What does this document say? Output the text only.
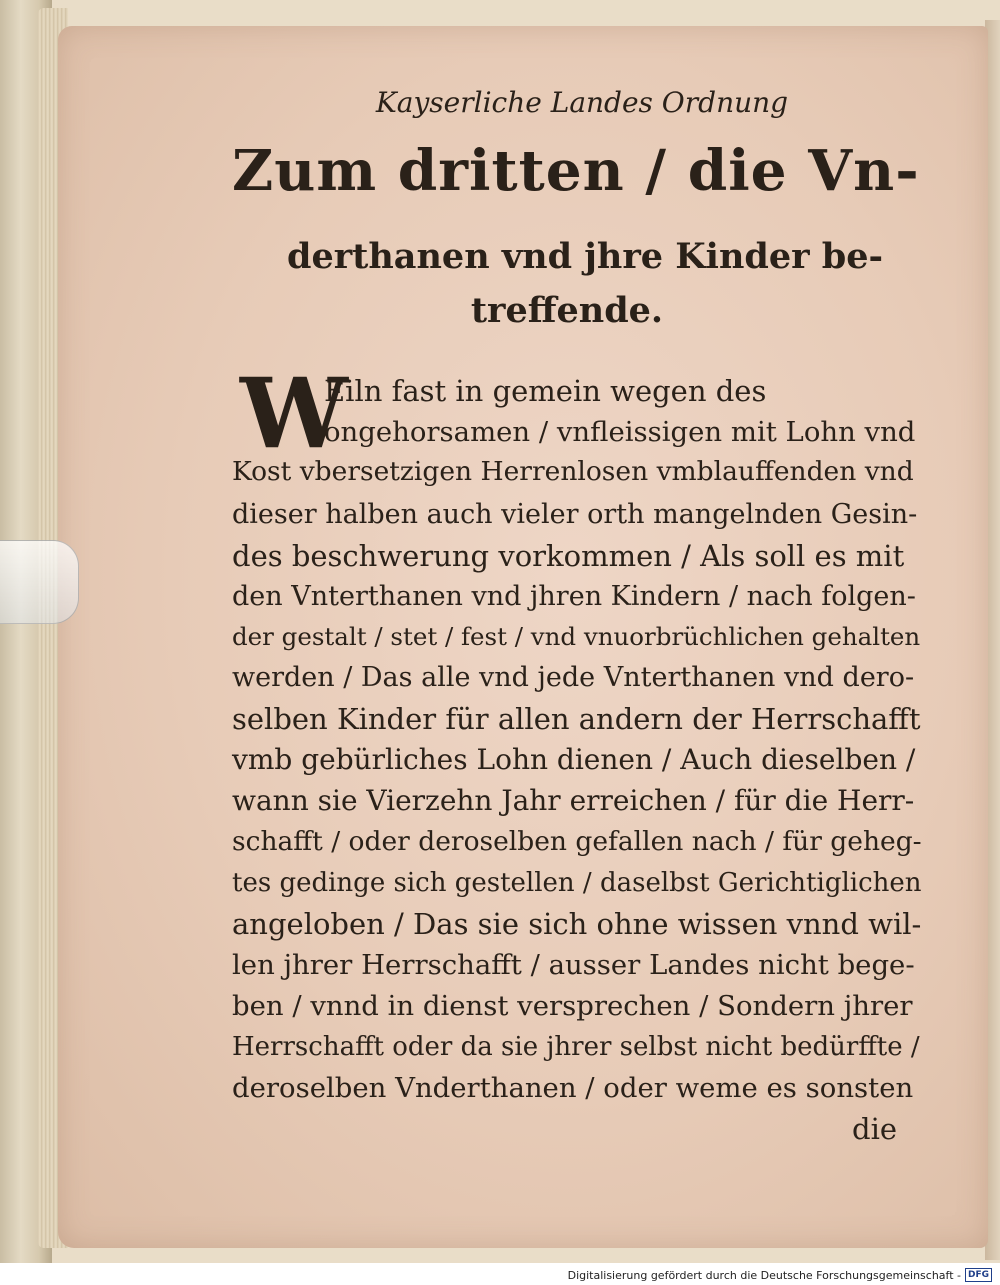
Kayserliche Landes Ordnung
Zum dritten / die Vn-
derthanen vnd jhre Kinder be-
treffende.
W
Eiln fast in gemein wegen des
ongehorsamen / vnfleissigen mit Lohn vnd
Kost vbersetzigen Herrenlosen vmblauffenden vnd
dieser halben auch vieler orth mangelnden Gesin-
des beschwerung vorkommen / Als soll es mit
den Vnterthanen vnd jhren Kindern / nach folgen-
der gestalt / stet / fest / vnd vnuorbrüchlichen gehalten
werden / Das alle vnd jede Vnterthanen vnd dero-
selben Kinder für allen andern der Herrschafft
vmb gebürliches Lohn dienen / Auch dieselben /
wann sie Vierzehn Jahr erreichen / für die Herr-
schafft / oder deroselben gefallen nach / für geheg-
tes gedinge sich gestellen / daselbst Gerichtiglichen
angeloben / Das sie sich ohne wissen vnnd wil-
len jhrer Herrschafft / ausser Landes nicht bege-
ben / vnnd in dienst versprechen / Sondern jhrer
Herrschafft oder da sie jhrer selbst nicht bedürffte /
deroselben Vnderthanen / oder weme es sonsten
die
Digitalisierung gefördert durch die Deutsche Forschungsgemeinschaft - DFG
